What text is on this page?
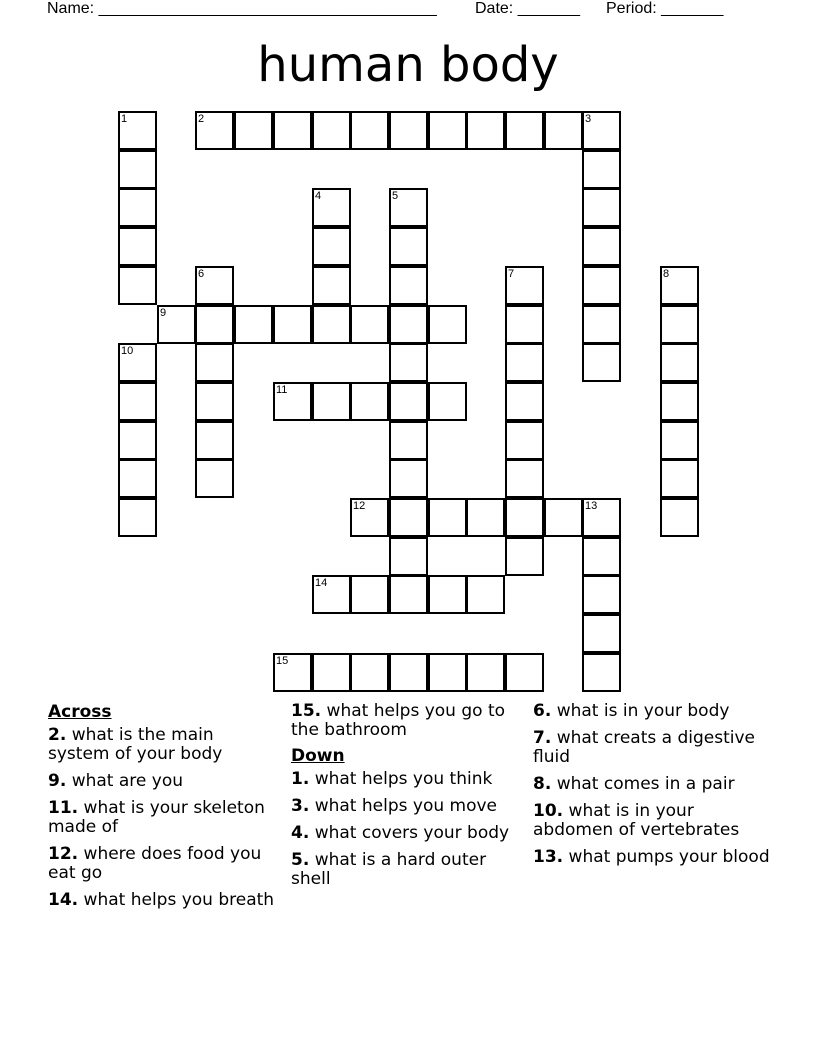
Name: ______________________________________ Date: _______ Period: _______
human body
1	2	3
4	5
6	7	8
9
10
11
12	13
14
15
Across
2. what is the main system of your body
9. what are you
11. what is your skeleton made of
12. where does food you eat go
14. what helps you breath
15. what helps you go to the bathroom
Down
1. what helps you think
3. what helps you move
4. what covers your body
5. what is a hard outer shell
6. what is in your body
7. what creats a digestive fluid
8. what comes in a pair
10. what is in your abdomen of vertebrates
13. what pumps your blood
